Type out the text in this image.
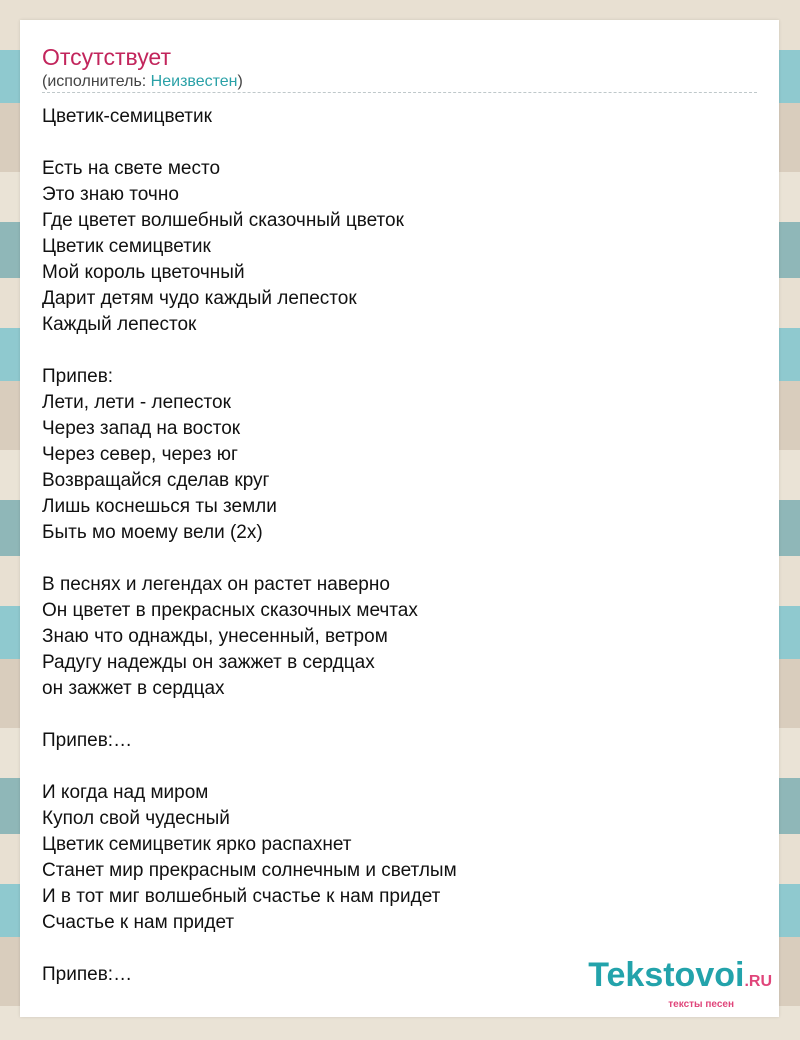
Отсутствует
(исполнитель: Неизвестен)
Цветик-семицветик
Есть на свете место
Это знаю точно
Где цветет волшебный сказочный цветок
Цветик семицветик
Мой король цветочный
Дарит детям чудо каждый лепесток
Каждый лепесток
Припев:
Лети, лети - лепесток
Через запад на восток
Через север, через юг
Возвращайся сделав круг
Лишь коснешься ты земли
Быть мо моему вели (2х)
В песнях и легендах он растет наверно
Он цветет в прекрасных сказочных мечтах
Знаю что однажды, унесенный, ветром
Радугу надежды он зажжет в сердцах
он зажжет в сердцах
Припев:…
И когда над миром
Купол свой чудесный
Цветик семицветик ярко распахнет
Станет мир прекрасным солнечным и светлым
И в тот миг волшебный счастье к нам придет
Счастье к нам придет
Припев:…	Tekstovoi.RU
тексты песен
